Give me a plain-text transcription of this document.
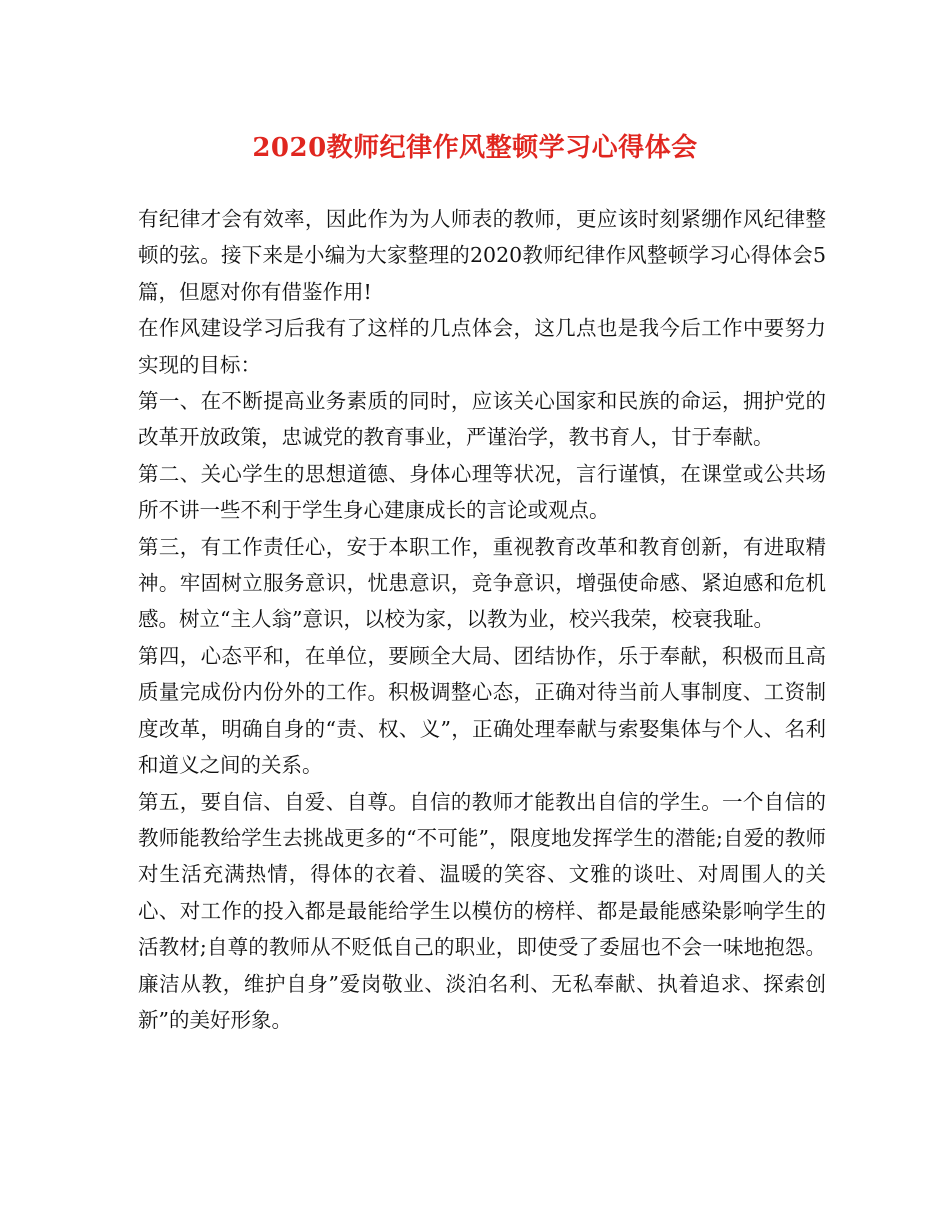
2020教师纪律作风整顿学习心得体会

有纪律才会有效率，因此作为为人师表的教师，更应该时刻紧绷作风纪律整顿的弦。接下来是小编为大家整理的2020教师纪律作风整顿学习心得体会5篇，但愿对你有借鉴作用!

在作风建设学习后我有了这样的几点体会，这几点也是我今后工作中要努力实现的目标：

第一、在不断提高业务素质的同时，应该关心国家和民族的命运，拥护党的改革开放政策，忠诚党的教育事业，严谨治学，教书育人，甘于奉献。

第二、关心学生的思想道德、身体心理等状况，言行谨慎，在课堂或公共场所不讲一些不利于学生身心建康成长的言论或观点。

第三，有工作责任心，安于本职工作，重视教育改革和教育创新，有进取精神。牢固树立服务意识，忧患意识，竞争意识，增强使命感、紧迫感和危机感。树立“主人翁”意识，以校为家，以教为业，校兴我荣，校衰我耻。

第四，心态平和，在单位，要顾全大局、团结协作，乐于奉献，积极而且高质量完成份内份外的工作。积极调整心态，正确对待当前人事制度、工资制度改革，明确自身的“责、权、义”，正确处理奉献与索娶集体与个人、名利和道义之间的关系。

第五，要自信、自爱、自尊。自信的教师才能教出自信的学生。一个自信的教师能教给学生去挑战更多的“不可能”，限度地发挥学生的潜能;自爱的教师对生活充满热情，得体的衣着、温暖的笑容、文雅的谈吐、对周围人的关心、对工作的投入都是最能给学生以模仿的榜样、都是最能感染影响学生的活教材;自尊的教师从不贬低自己的职业，即使受了委屈也不会一味地抱怨。廉洁从教，维护自身”爱岗敬业、淡泊名利、无私奉献、执着追求、探索创新”的美好形象。
